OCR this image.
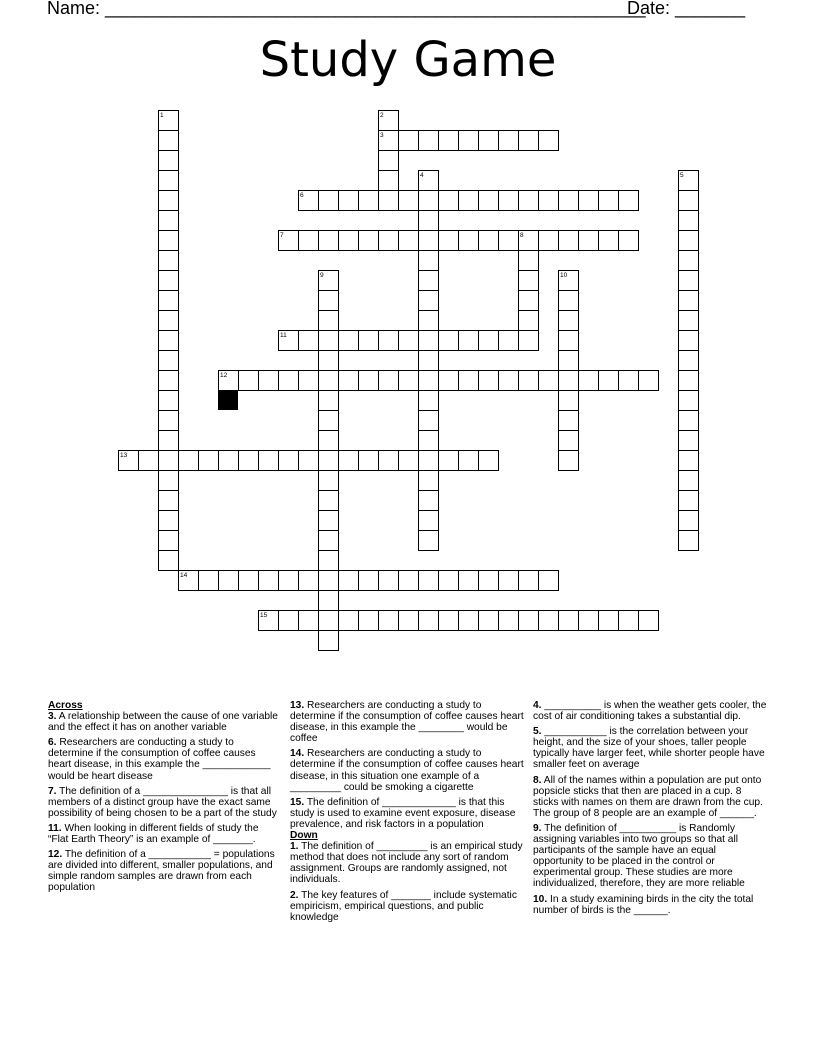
Name: ______________________________________________________
Date: _______
Study Game
3
6
7
11
12
13
14
15
1	2
4	5
8
9	10

Across

3. A relationship between the cause of one variable and the effect it has on another variable

6. Researchers are conducting a study to determine if the consumption of coffee causes heart disease, in this example the ____________ would be heart disease

7. The definition of a _______________ is that all members of a distinct group have the exact same possibility of being chosen to be a part of the study

11. When looking in different fields of study the “Flat Earth Theory” is an example of _______.

12. The definition of a ___________ = populations are divided into different, smaller populations, and simple random samples are drawn from each population

13. Researchers are conducting a study to determine if the consumption of coffee causes heart disease, in this example the ________ would be coffee

14. Researchers are conducting a study to determine if the consumption of coffee causes heart disease, in this situation one example of a _________ could be smoking a cigarette

15. The definition of _____________ is that this study is used to examine event exposure, disease prevalence, and risk factors in a population

Down

1. The definition of _________ is an empirical study method that does not include any sort of random assignment. Groups are randomly assigned, not individuals.

2. The key features of _______ include systematic empiricism, empirical questions, and public knowledge

4. __________ is when the weather gets cooler, the cost of air conditioning takes a substantial dip.

5. ___________ is the correlation between your height, and the size of your shoes, taller people typically have larger feet, while shorter people have smaller feet on average

8. All of the names within a population are put onto popsicle sticks that then are placed in a cup. 8 sticks with names on them are drawn from the cup. The group of 8 people are an example of ______.

9. The definition of __________ is Randomly assigning variables into two groups so that all participants of the sample have an equal opportunity to be placed in the control or experimental group. These studies are more individualized, therefore, they are more reliable

10. In a study examining birds in the city the total number of birds is the ______.
